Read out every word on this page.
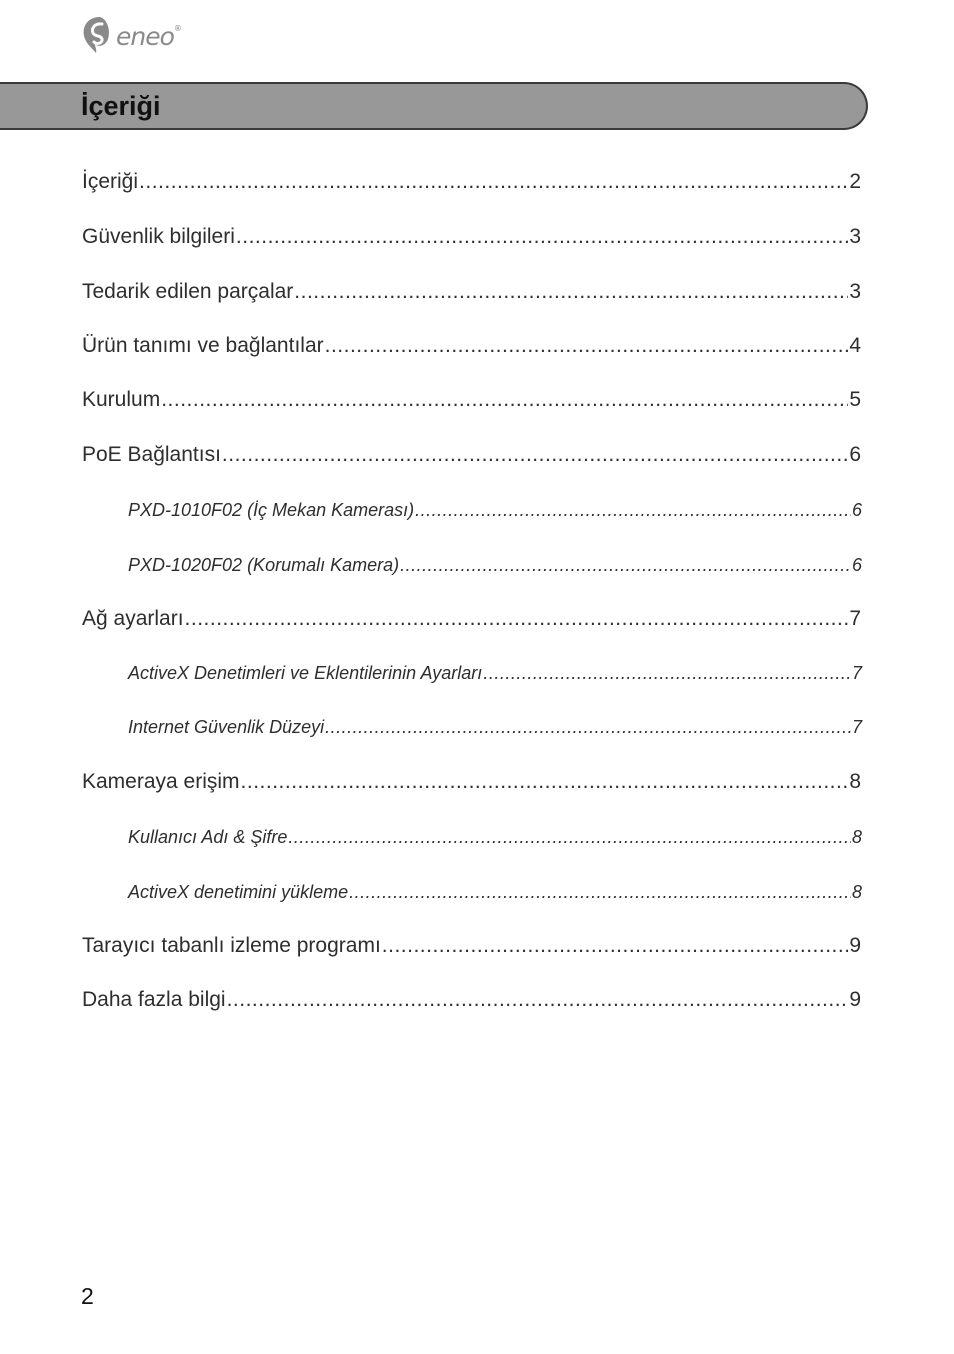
eneo®
İçeriği
İçeriği .....	2
Güvenlik bilgileri .....	3
Tedarik edilen parçalar .....	3
Ürün tanımı ve bağlantılar .....	4
Kurulum .....	5
PoE Bağlantısı .....	6
PXD-1010F02 (İç Mekan Kamerası) .....	6
PXD-1020F02 (Korumalı Kamera) .....	6
Ağ ayarları .....	7
ActiveX Denetimleri ve Eklentilerinin Ayarları .....	7
Internet Güvenlik Düzeyi .....	7
Kameraya erişim .....	8
Kullanıcı Adı & Şifre .....	8
ActiveX denetimini yükleme .....	8
Tarayıcı tabanlı izleme programı .....	9
Daha fazla bilgi .....	9
2
